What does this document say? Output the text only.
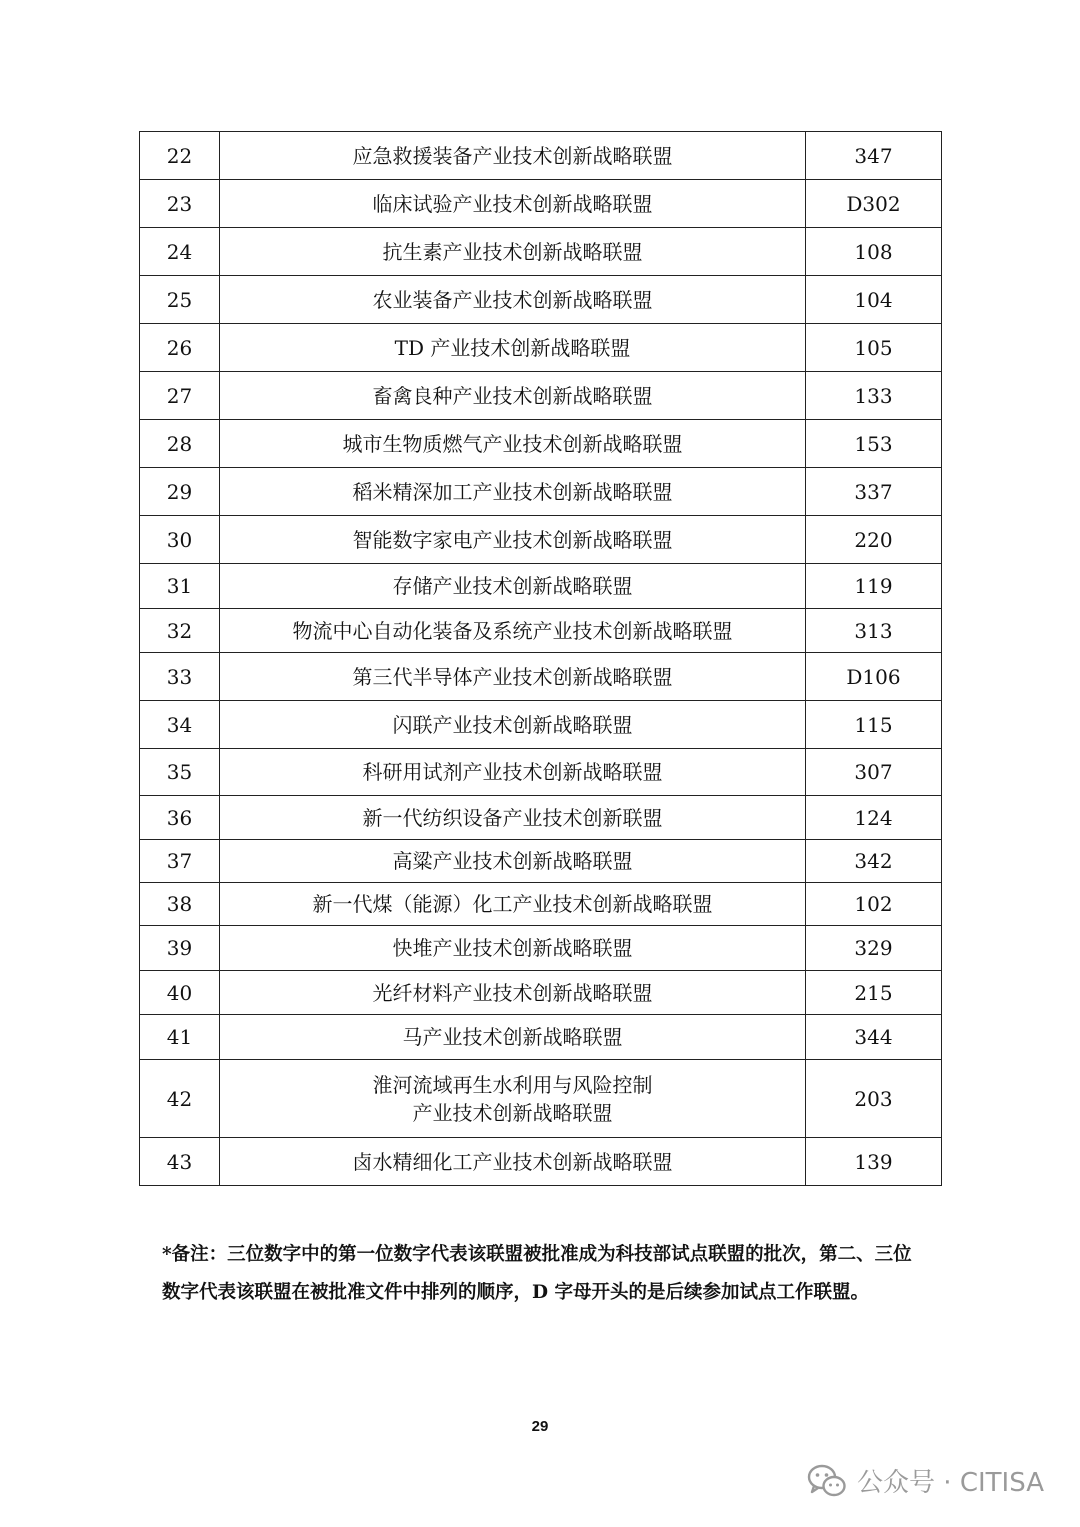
22	应急救援装备产业技术创新战略联盟	347
23	临床试验产业技术创新战略联盟	D302
24	抗生素产业技术创新战略联盟	108
25	农业装备产业技术创新战略联盟	104
26	TD 产业技术创新战略联盟	105
27	畜禽良种产业技术创新战略联盟	133
28	城市生物质燃气产业技术创新战略联盟	153
29	稻米精深加工产业技术创新战略联盟	337
30	智能数字家电产业技术创新战略联盟	220
31	存储产业技术创新战略联盟	119
32	物流中心自动化装备及系统产业技术创新战略联盟	313
33	第三代半导体产业技术创新战略联盟	D106
34	闪联产业技术创新战略联盟	115
35	科研用试剂产业技术创新战略联盟	307
36	新一代纺织设备产业技术创新联盟	124
37	高粱产业技术创新战略联盟	342
38	新一代煤（能源）化工产业技术创新战略联盟	102
39	快堆产业技术创新战略联盟	329
40	光纤材料产业技术创新战略联盟	215
41	马产业技术创新战略联盟	344
42	淮河流域再生水利用与风险控制
产业技术创新战略联盟	203
43	卤水精细化工产业技术创新战略联盟	139
*备注：三位数字中的第一位数字代表该联盟被批准成为科技部试点联盟的批次，第二、三位数字代表该联盟在被批准文件中排列的顺序，D 字母开头的是后续参加试点工作联盟。
29
公众号 · CITISA
